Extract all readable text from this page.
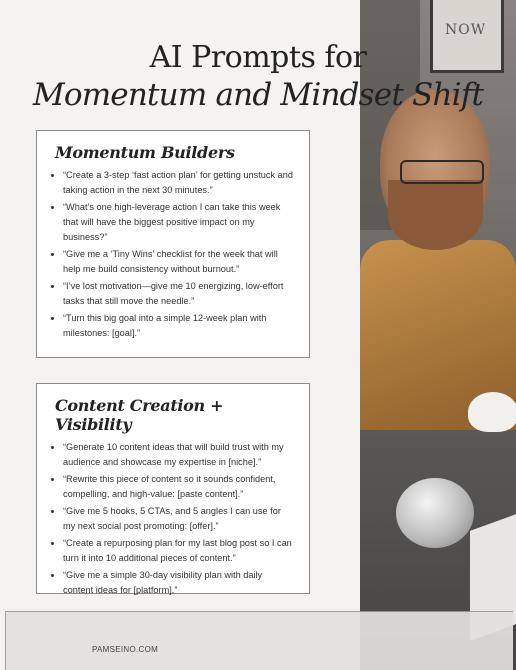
NOW
AI Prompts for
Momentum and Mindset Shift
Momentum Builders
• “Create a 3-step ‘fast action plan’ for getting unstuck and taking action in the next 30 minutes.”
• “What’s one high-leverage action I can take this week that will have the biggest positive impact on my business?”
• “Give me a ‘Tiny Wins’ checklist for the week that will help me build consistency without burnout.”
• “I’ve lost motivation—give me 10 energizing, low-effort tasks that still move the needle.”
• “Turn this big goal into a simple 12-week plan with milestones: [goal].”
Content Creation + Visibility
• “Generate 10 content ideas that will build trust with my audience and showcase my expertise in [niche].”
• “Rewrite this piece of content so it sounds confident, compelling, and high-value: [paste content].”
• “Give me 5 hooks, 5 CTAs, and 5 angles I can use for my next social post promoting: [offer].”
• “Create a repurposing plan for my last blog post so I can turn it into 10 additional pieces of content.”
• “Give me a simple 30-day visibility plan with daily content ideas for [platform].”
PAMSEINO.COM
